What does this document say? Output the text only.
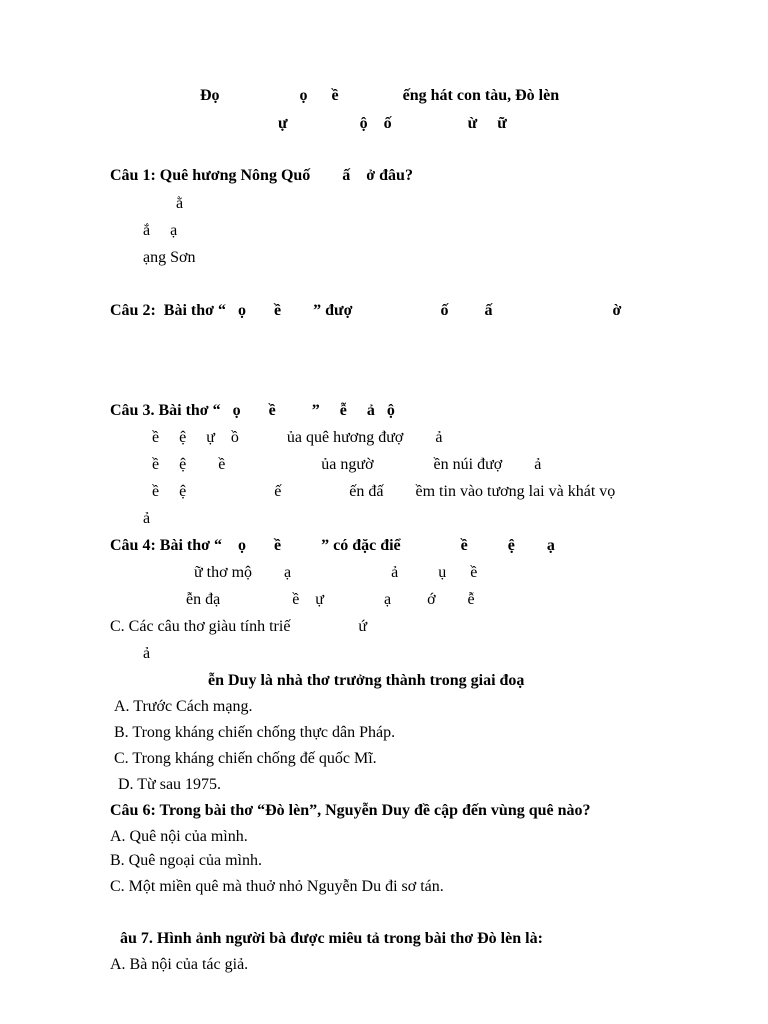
Đọ                    ọ      ề                ếng hát con tàu, Đò lèn
ự                  ộ    ố                   ừ     ữ
Câu 1: Quê hương Nông Quố        ấ    ở đâu?
ằ
ắ     ạ
ạng Sơn
Câu 2:  Bài thơ “   ọ       ề        ” đượ                      ố         ấ                              ờ
Câu 3. Bài thơ “   ọ       ề         ”     ễ     ả   ộ
ề     ệ     ự    ồ            ủa quê hương đượ        ả
ề     ệ        ề                        ủa ngườ               ền núi đượ        ả
ề     ệ                      ế                 ến đấ        ềm tin vào tương lai và khát vọ
ả
Câu 4: Bài thơ “    ọ       ề          ” có đặc điể               ề          ệ        ạ
ữ thơ mộ        ạ                         ả          ụ      ề
ễn đạ                  ề    ự               ạ         ớ        ễ
C. Các câu thơ giàu tính triế                 ứ
ả
ễn Duy là nhà thơ trưởng thành trong giai đoạ
A. Trước Cách mạng.
B. Trong kháng chiến chống thực dân Pháp.
C. Trong kháng chiến chống đế quốc Mĩ.
D. Từ sau 1975.
Câu 6: Trong bài thơ “Đò lèn”, Nguyễn Duy đề cập đến vùng quê nào?
A. Quê nội của mình.
B. Quê ngoại của mình.
C. Một miền quê mà thuở nhỏ Nguyễn Du đi sơ tán.
âu 7. Hình ảnh người bà được miêu tả trong bài thơ Đò lèn là:
A. Bà nội của tác giả.
